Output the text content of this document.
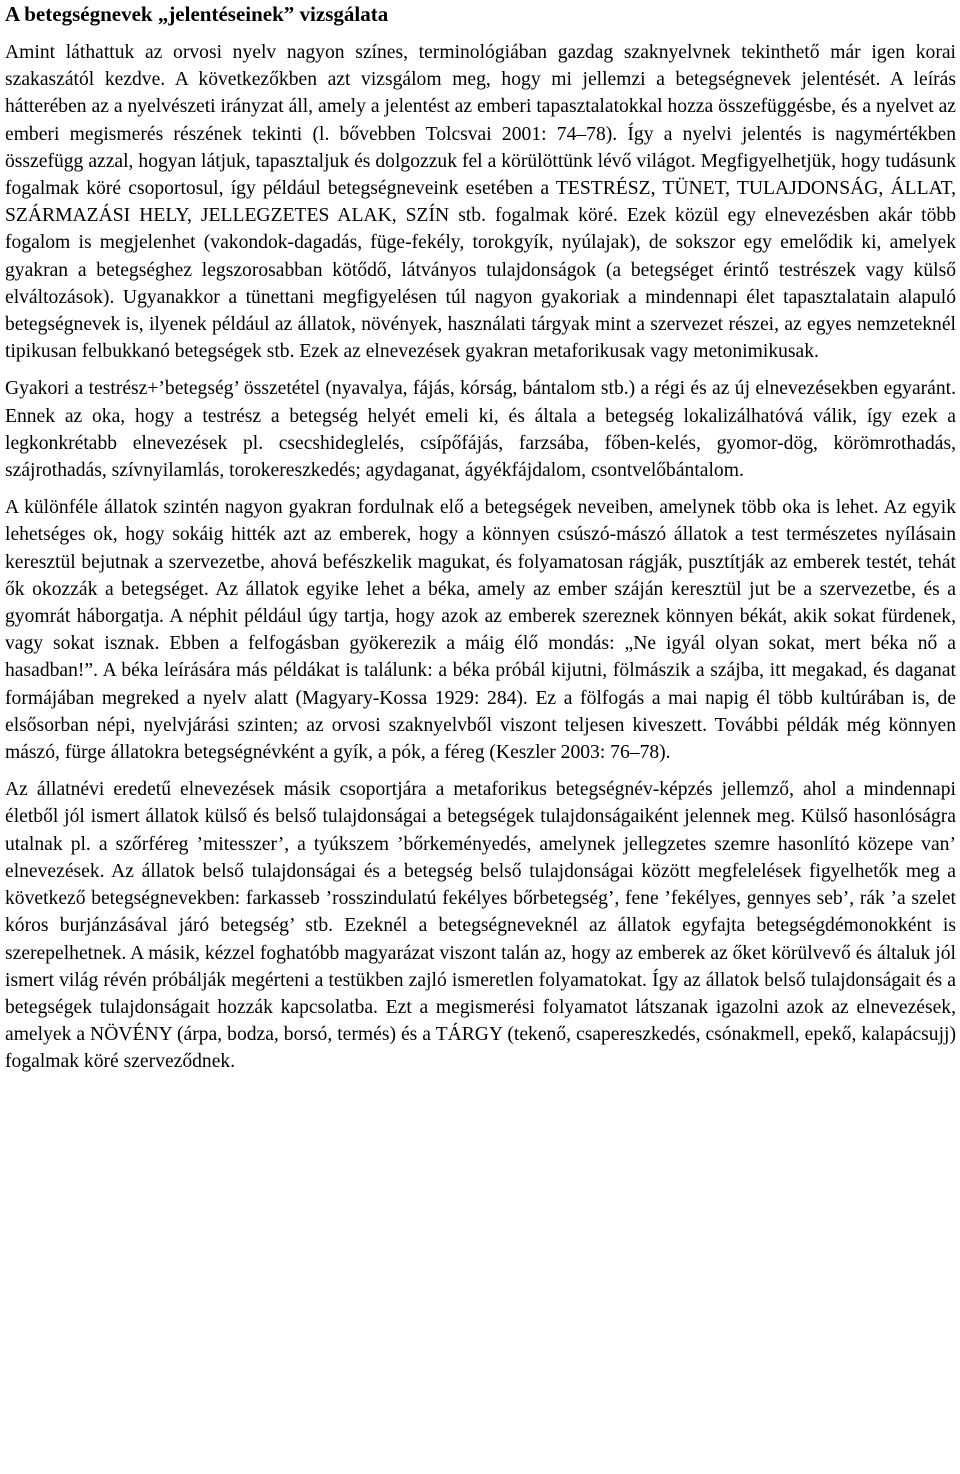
A betegségnevek „jelentéseinek” vizsgálata

Amint láthattuk az orvosi nyelv nagyon színes, terminológiában gazdag szaknyelvnek tekinthető már igen korai szakaszától kezdve. A következőkben azt vizsgálom meg, hogy mi jellemzi a betegségnevek jelentését. A leírás hátterében az a nyelvészeti irányzat áll, amely a jelentést az emberi tapasztalatokkal hozza összefüggésbe, és a nyelvet az emberi megismerés részének tekinti (l. bővebben Tolcsvai 2001: 74–78). Így a nyelvi jelentés is nagymértékben összefügg azzal, hogyan látjuk, tapasztaljuk és dolgozzuk fel a körülöttünk lévő világot. Megfigyelhetjük, hogy tudásunk fogalmak köré csoportosul, így például betegségneveink esetében a TESTRÉSZ, TÜNET, TULAJDONSÁG, ÁLLAT, SZÁRMAZÁSI HELY, JELLEGZETES ALAK, SZÍN stb. fogalmak köré. Ezek közül egy elnevezésben akár több fogalom is megjelenhet (vakondok-dagadás, füge-fekély, torokgyík, nyúlajak), de sokszor egy emelődik ki, amelyek gyakran a betegséghez legszorosabban kötődő, látványos tulajdonságok (a betegséget érintő testrészek vagy külső elváltozások). Ugyanakkor a tünettani megfigyelésen túl nagyon gyakoriak a mindennapi élet tapasztalatain alapuló betegségnevek is, ilyenek például az állatok, növények, használati tárgyak mint a szervezet részei, az egyes nemzeteknél tipikusan felbukkanó betegségek stb. Ezek az elnevezések gyakran metaforikusak vagy metonimikusak.

Gyakori a testrész+’betegség’ összetétel (nyavalya, fájás, kórság, bántalom stb.) a régi és az új elnevezésekben egyaránt. Ennek az oka, hogy a testrész a betegség helyét emeli ki, és általa a betegség lokalizálhatóvá válik, így ezek a legkonkrétabb elnevezések pl. csecshideglelés, csípőfájás, farzsába, főben-kelés, gyomor-dög, körömrothadás, szájrothadás, szívnyilamlás, torokereszkedés; agydaganat, ágyékfájdalom, csontvelőbántalom.

A különféle állatok szintén nagyon gyakran fordulnak elő a betegségek neveiben, amelynek több oka is lehet. Az egyik lehetséges ok, hogy sokáig hitték azt az emberek, hogy a könnyen csúszó-mászó állatok a test természetes nyílásain keresztül bejutnak a szervezetbe, ahová befészkelik magukat, és folyamatosan rágják, pusztítják az emberek testét, tehát ők okozzák a betegséget. Az állatok egyike lehet a béka, amely az ember száján keresztül jut be a szervezetbe, és a gyomrát háborgatja. A néphit például úgy tartja, hogy azok az emberek szereznek könnyen békát, akik sokat fürdenek, vagy sokat isznak. Ebben a felfogásban gyökerezik a máig élő mondás: „Ne igyál olyan sokat, mert béka nő a hasadban!”. A béka leírására más példákat is találunk: a béka próbál kijutni, fölmászik a szájba, itt megakad, és daganat formájában megreked a nyelv alatt (Magyary-Kossa 1929: 284). Ez a fölfogás a mai napig él több kultúrában is, de elsősorban népi, nyelvjárási szinten; az orvosi szaknyelvből viszont teljesen kiveszett. További példák még könnyen mászó, fürge állatokra betegségnévként a gyík, a pók, a féreg (Keszler 2003: 76–78).

Az állatnévi eredetű elnevezések másik csoportjára a metaforikus betegségnév-képzés jellemző, ahol a mindennapi életből jól ismert állatok külső és belső tulajdonságai a betegségek tulajdonságaiként jelennek meg. Külső hasonlóságra utalnak pl. a szőrféreg ’mitesszer’, a tyúkszem ’bőrkeményedés, amelynek jellegzetes szemre hasonlító közepe van’ elnevezések. Az állatok belső tulajdonságai és a betegség belső tulajdonságai között megfelelések figyelhetők meg a következő betegségnevekben: farkasseb ’rosszindulatú fekélyes bőrbetegség’, fene ’fekélyes, gennyes seb’, rák ’a szelet kóros burjánzásával járó betegség’ stb. Ezeknél a betegségneveknél az állatok egyfajta betegségdémonokként is szerepelhetnek. A másik, kézzel foghatóbb magyarázat viszont talán az, hogy az emberek az őket körülvevő és általuk jól ismert világ révén próbálják megérteni a testükben zajló ismeretlen folyamatokat. Így az állatok belső tulajdonságait és a betegségek tulajdonságait hozzák kapcsolatba. Ezt a megismerési folyamatot látszanak igazolni azok az elnevezések, amelyek a NÖVÉNY (árpa, bodza, borsó, termés) és a TÁRGY (tekenő, csapereszkedés, csónakmell, epekő, kalapácsujj) fogalmak köré szerveződnek.
